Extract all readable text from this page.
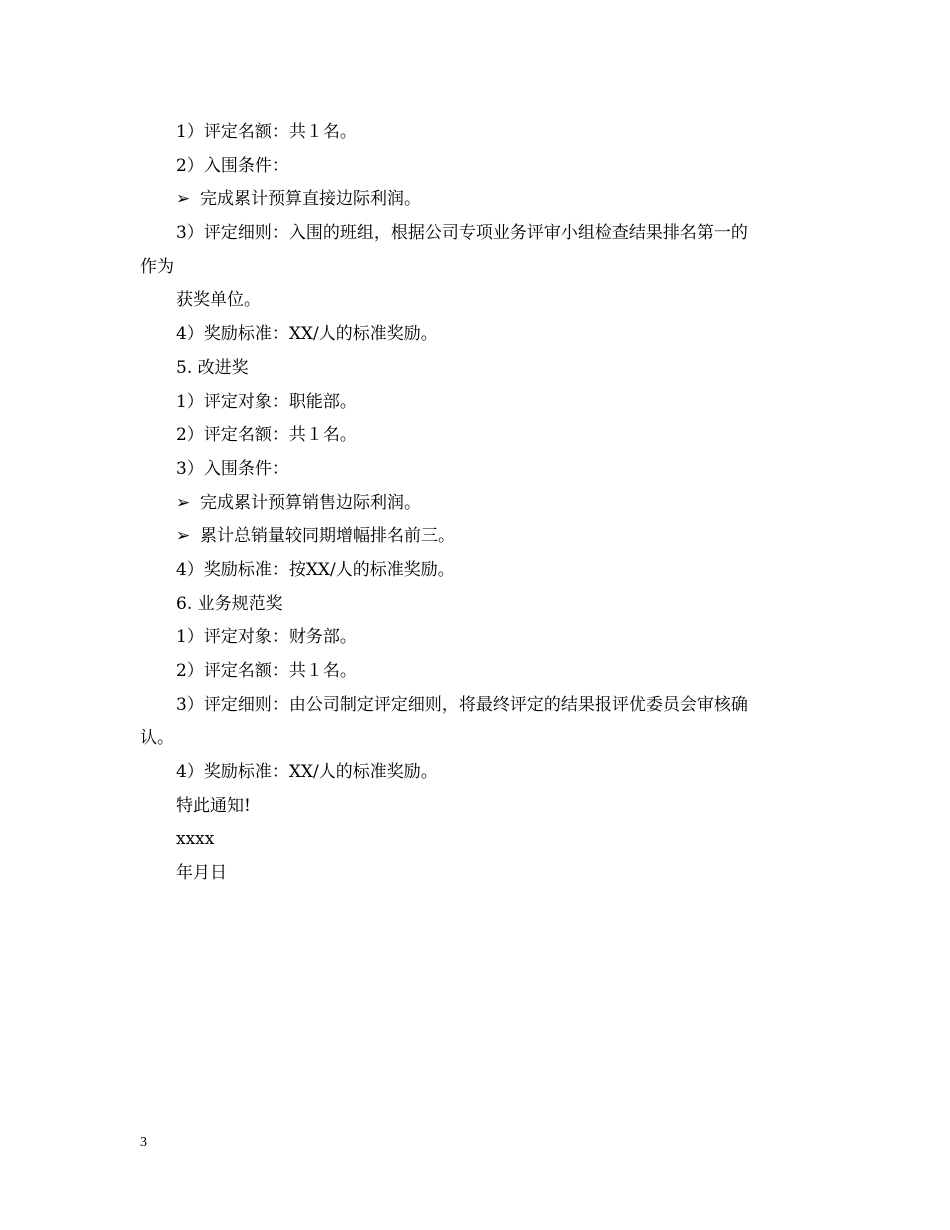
1）评定名额：共１名。
2）入围条件：
➢ 完成累计预算直接边际利润。
3）评定细则：入围的班组，根据公司专项业务评审小组检查结果排名第一的
作为
获奖单位。
4）奖励标准：XX/人的标准奖励。
5. 改进奖
1）评定对象：职能部。
2）评定名额：共１名。
3）入围条件：
➢ 完成累计预算销售边际利润。
➢ 累计总销量较同期增幅排名前三。
4）奖励标准：按XX/人的标准奖励。
6. 业务规范奖
1）评定对象：财务部。
2）评定名额：共１名。
3）评定细则：由公司制定评定细则，将最终评定的结果报评优委员会审核确
认。
4）奖励标准：XX/人的标准奖励。
特此通知!
xxxx
年月日
3
